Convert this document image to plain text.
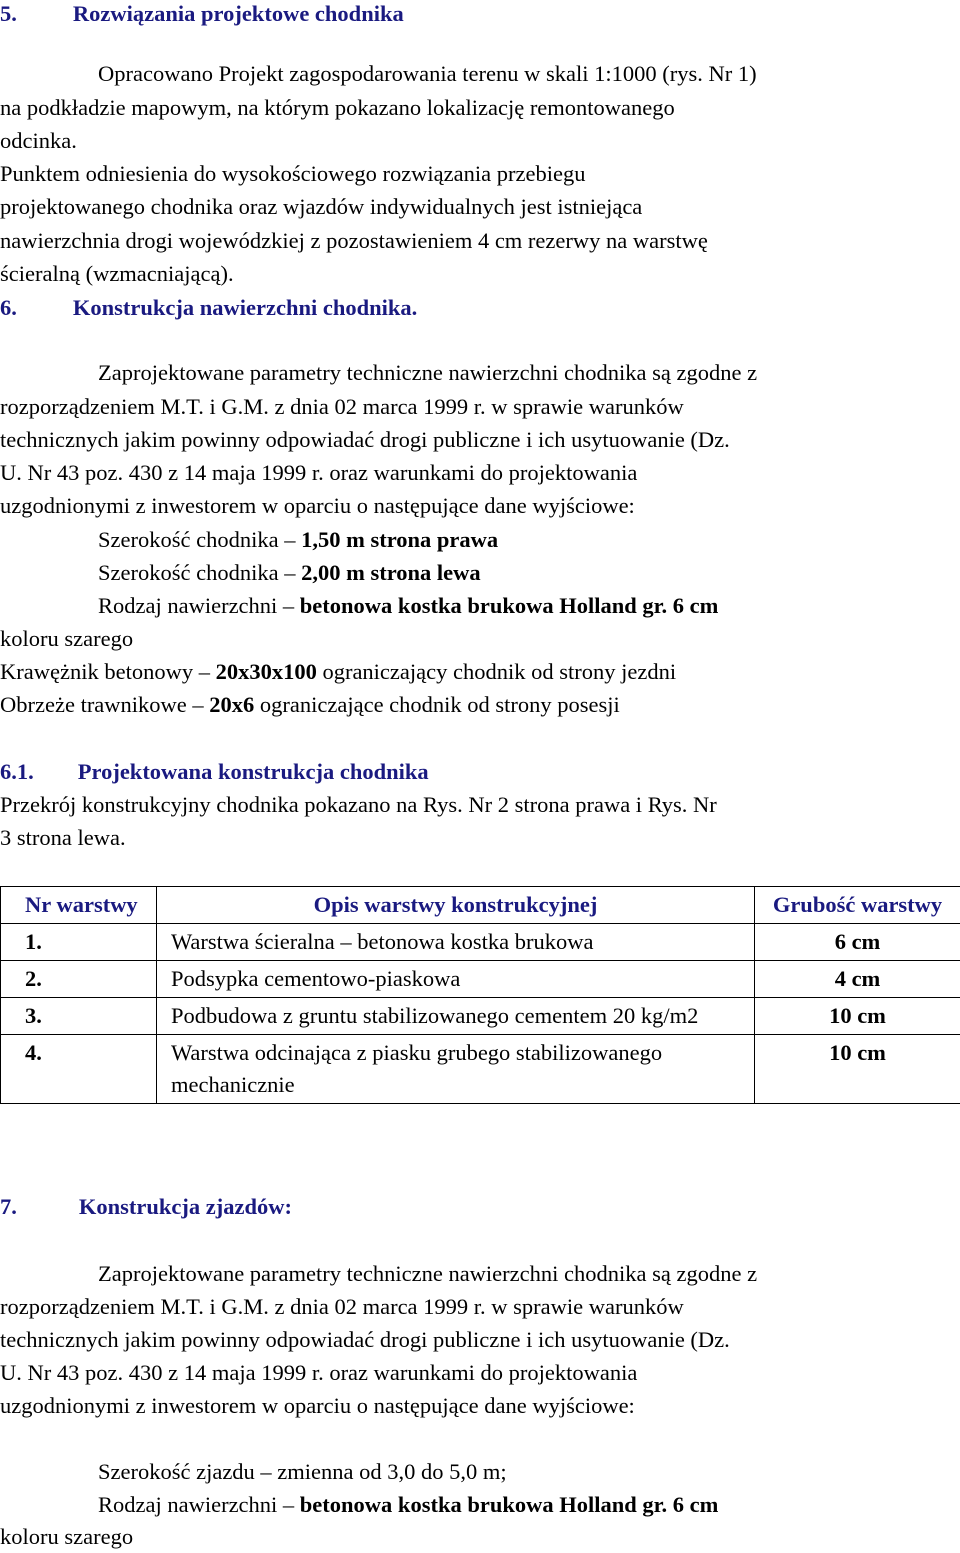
5. Rozwiązania projektowe chodnika
Opracowano Projekt zagospodarowania terenu w skali 1:1000 (rys. Nr 1)
na podkładzie mapowym, na którym pokazano lokalizację remontowanego
odcinka.
Punktem odniesienia do wysokościowego rozwiązania przebiegu
projektowanego chodnika oraz wjazdów indywidualnych jest istniejąca
nawierzchnia drogi wojewódzkiej z pozostawieniem 4 cm rezerwy na warstwę
ścieralną (wzmacniającą).
6. Konstrukcja nawierzchni chodnika.
Zaprojektowane parametry techniczne nawierzchni chodnika są zgodne z
rozporządzeniem M.T. i G.M. z dnia 02 marca 1999 r. w sprawie warunków
technicznych jakim powinny odpowiadać drogi publiczne i ich usytuowanie (Dz.
U. Nr 43 poz. 430 z 14 maja 1999 r. oraz warunkami do projektowania
uzgodnionymi z inwestorem w oparciu o następujące dane wyjściowe:
Szerokość chodnika – 1,50 m strona prawa
Szerokość chodnika – 2,00 m strona lewa
Rodzaj nawierzchni – betonowa kostka brukowa Holland gr. 6 cm
koloru szarego
Krawężnik betonowy – 20x30x100 ograniczający chodnik od strony jezdni
Obrzeże trawnikowe – 20x6 ograniczające chodnik od strony posesji
6.1. Projektowana konstrukcja chodnika
Przekrój konstrukcyjny chodnika pokazano na Rys. Nr 2 strona prawa i Rys. Nr
3 strona lewa.
Nr warstwy	Opis warstwy konstrukcyjnej	Grubość warstwy
1.	Warstwa ścieralna – betonowa kostka brukowa	6 cm
2.	Podsypka cementowo-piaskowa	4 cm
3.	Podbudowa z gruntu stabilizowanego cementem 20 kg/m2	10 cm
4.	Warstwa odcinająca z piasku grubego stabilizowanego mechanicznie	10 cm
7.	Konstrukcja zjazdów:
Zaprojektowane parametry techniczne nawierzchni chodnika są zgodne z
rozporządzeniem M.T. i G.M. z dnia 02 marca 1999 r. w sprawie warunków
technicznych jakim powinny odpowiadać drogi publiczne i ich usytuowanie (Dz.
U. Nr 43 poz. 430 z 14 maja 1999 r. oraz warunkami do projektowania
uzgodnionymi z inwestorem w oparciu o następujące dane wyjściowe:
Szerokość zjazdu – zmienna od 3,0 do 5,0 m;
Rodzaj nawierzchni – betonowa kostka brukowa Holland gr. 6 cm
koloru szarego
